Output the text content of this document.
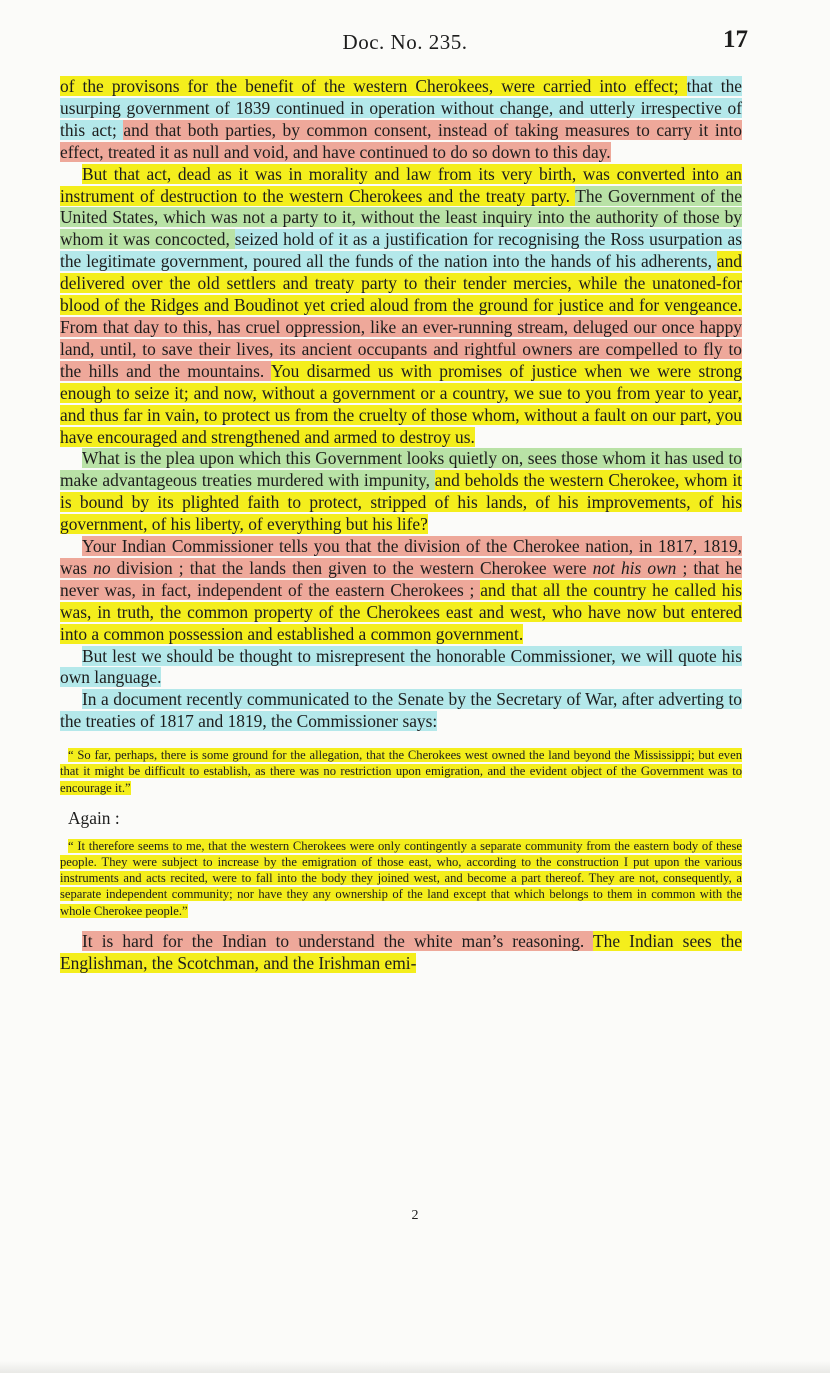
Doc. No. 235.	17

of the provisons for the benefit of the western Cherokees, were carried into effect; that the usurping government of 1839 continued in operation without change, and utterly irrespective of this act; and that both parties, by common consent, instead of taking measures to carry it into effect, treated it as null and void, and have continued to do so down to this day.

But that act, dead as it was in morality and law from its very birth, was converted into an instrument of destruction to the western Cherokees and the treaty party. The Government of the United States, which was not a party to it, without the least inquiry into the authority of those by whom it was concocted, seized hold of it as a justification for recognising the Ross usurpation as the legitimate government, poured all the funds of the nation into the hands of his adherents, and delivered over the old settlers and treaty party to their tender mercies, while the unatoned-for blood of the Ridges and Boudinot yet cried aloud from the ground for justice and for vengeance. From that day to this, has cruel oppression, like an ever-running stream, deluged our once happy land, until, to save their lives, its ancient occupants and rightful owners are compelled to fly to the hills and the mountains. You disarmed us with promises of justice when we were strong enough to seize it; and now, without a government or a country, we sue to you from year to year, and thus far in vain, to protect us from the cruelty of those whom, without a fault on our part, you have encouraged and strengthened and armed to destroy us.

What is the plea upon which this Government looks quietly on, sees those whom it has used to make advantageous treaties murdered with impunity, and beholds the western Cherokee, whom it is bound by its plighted faith to protect, stripped of his lands, of his improvements, of his government, of his liberty, of everything but his life?

Your Indian Commissioner tells you that the division of the Cherokee nation, in 1817, 1819, was no division ; that the lands then given to the western Cherokee were not his own ; that he never was, in fact, independent of the eastern Cherokees ; and that all the country he called his was, in truth, the common property of the Cherokees east and west, who have now but entered into a common possession and established a common government.

But lest we should be thought to misrepresent the honorable Commissioner, we will quote his own language.

In a document recently communicated to the Senate by the Secretary of War, after adverting to the treaties of 1817 and 1819, the Commissioner says:

“ So far, perhaps, there is some ground for the allegation, that the Cherokees west owned the land beyond the Mississippi; but even that it might be difficult to establish, as there was no restriction upon emigration, and the evident object of the Government was to encourage it.”

Again :

“ It therefore seems to me, that the western Cherokees were only contingently a separate community from the eastern body of these people. They were subject to increase by the emigration of those east, who, according to the construction I put upon the various instruments and acts recited, were to fall into the body they joined west, and become a part thereof. They are not, consequently, a separate independent community; nor have they any ownership of the land except that which belongs to them in common with the whole Cherokee people.”

It is hard for the Indian to understand the white man’s reasoning. The Indian sees the Englishman, the Scotchman, and the Irishman emi-

2
